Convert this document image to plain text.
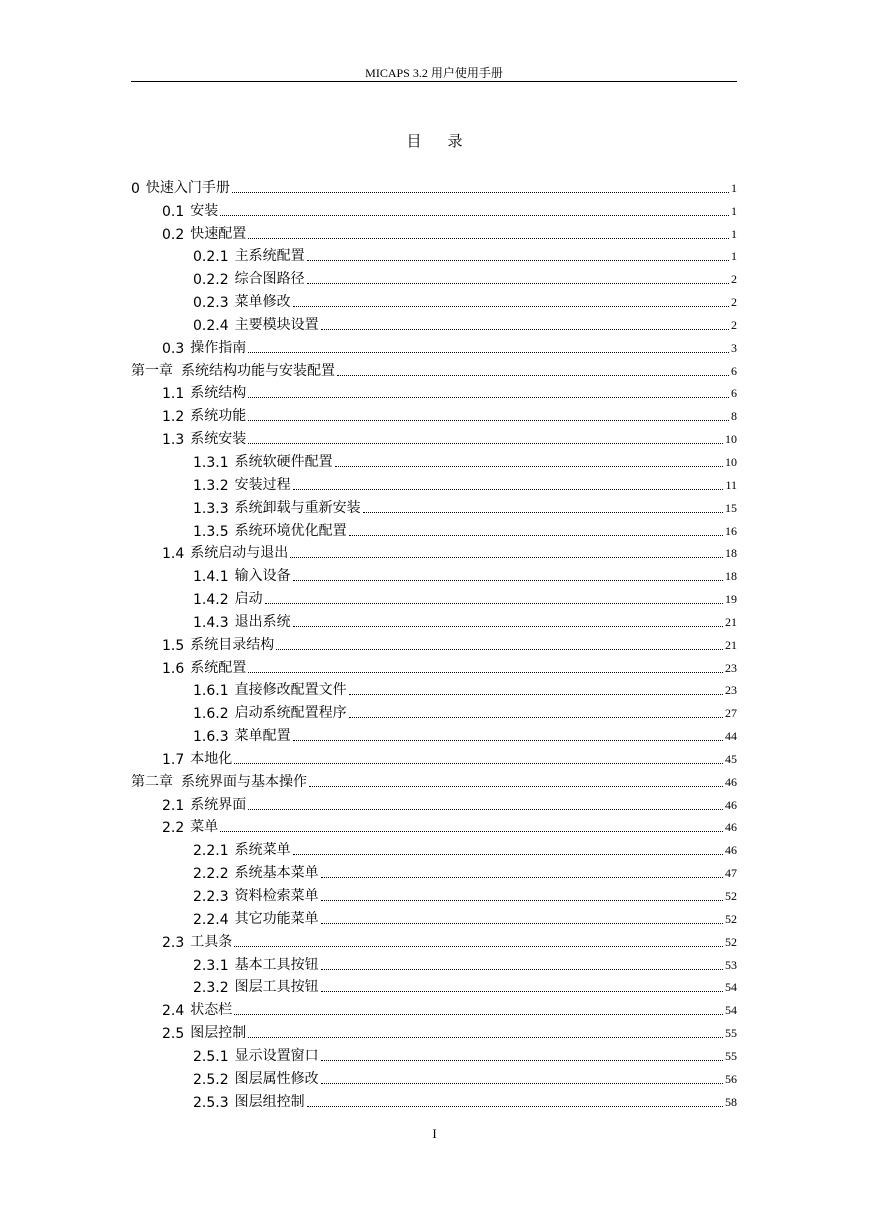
MICAPS 3.2 用户使用手册
目录
0 快速入门手册	1
0.1 安装	1
0.2 快速配置	1
0.2.1 主系统配置	1
0.2.2 综合图路径	2
0.2.3 菜单修改	2
0.2.4 主要模块设置	2
0.3 操作指南	3
第一章 系统结构功能与安装配置	6
1.1 系统结构	6
1.2 系统功能	8
1.3 系统安装	10
1.3.1 系统软硬件配置	10
1.3.2 安装过程	11
1.3.3 系统卸载与重新安装	15
1.3.5 系统环境优化配置	16
1.4 系统启动与退出	18
1.4.1 输入设备	18
1.4.2 启动	19
1.4.3 退出系统	21
1.5 系统目录结构	21
1.6 系统配置	23
1.6.1 直接修改配置文件	23
1.6.2 启动系统配置程序	27
1.6.3 菜单配置	44
1.7 本地化	45
第二章 系统界面与基本操作	46
2.1 系统界面	46
2.2 菜单	46
2.2.1 系统菜单	46
2.2.2 系统基本菜单	47
2.2.3 资料检索菜单	52
2.2.4 其它功能菜单	52
2.3 工具条	52
2.3.1 基本工具按钮	53
2.3.2 图层工具按钮	54
2.4 状态栏	54
2.5 图层控制	55
2.5.1 显示设置窗口	55
2.5.2 图层属性修改	56
2.5.3 图层组控制	58
I
